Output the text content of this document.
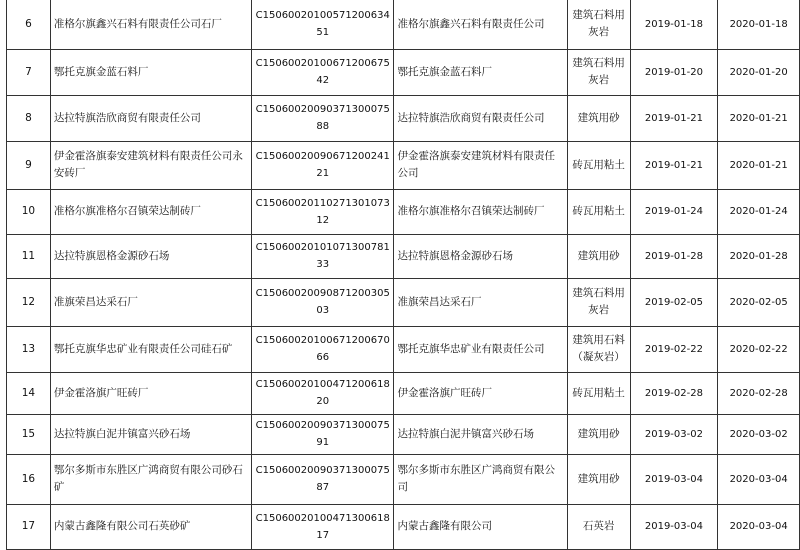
6	准格尔旗鑫兴石料有限责任公司石厂	C1506002010057120063451	准格尔旗鑫兴石料有限责任公司	建筑石料用灰岩	2019-01-18	2020-01-18
7	鄂托克旗金蓝石料厂	C1506002010067120067542	鄂托克旗金蓝石料厂	建筑石料用灰岩	2019-01-20	2020-01-20
8	达拉特旗浩欣商贸有限责任公司	C1506002009037130007588	达拉特旗浩欣商贸有限责任公司	建筑用砂	2019-01-21	2020-01-21
9	伊金霍洛旗泰安建筑材料有限责任公司永安砖厂	C1506002009067120024121	伊金霍洛旗泰安建筑材料有限责任公司	砖瓦用粘土	2019-01-21	2020-01-21
10	准格尔旗准格尔召镇荣达制砖厂	C1506002011027130107312	准格尔旗准格尔召镇荣达制砖厂	砖瓦用粘土	2019-01-24	2020-01-24
11	达拉特旗恩格金源砂石场	C1506002010107130078133	达拉特旗恩格金源砂石场	建筑用砂	2019-01-28	2020-01-28
12	准旗荣昌达采石厂	C1506002009087120030503	准旗荣昌达采石厂	建筑石料用灰岩	2019-02-05	2020-02-05
13	鄂托克旗华忠矿业有限责任公司硅石矿	C1506002010067120067066	鄂托克旗华忠矿业有限责任公司	建筑用石料（凝灰岩）	2019-02-22	2020-02-22
14	伊金霍洛旗广旺砖厂	C1506002010047120061820	伊金霍洛旗广旺砖厂	砖瓦用粘土	2019-02-28	2020-02-28
15	达拉特旗白泥井镇富兴砂石场	C1506002009037130007591	达拉特旗白泥井镇富兴砂石场	建筑用砂	2019-03-02	2020-03-02
16	鄂尔多斯市东胜区广鸿商贸有限公司砂石矿	C1506002009037130007587	鄂尔多斯市东胜区广鸿商贸有限公司	建筑用砂	2019-03-04	2020-03-04
17	内蒙古鑫隆有限公司石英砂矿	C1506002010047130061817	内蒙古鑫隆有限公司	石英岩	2019-03-04	2020-03-04
